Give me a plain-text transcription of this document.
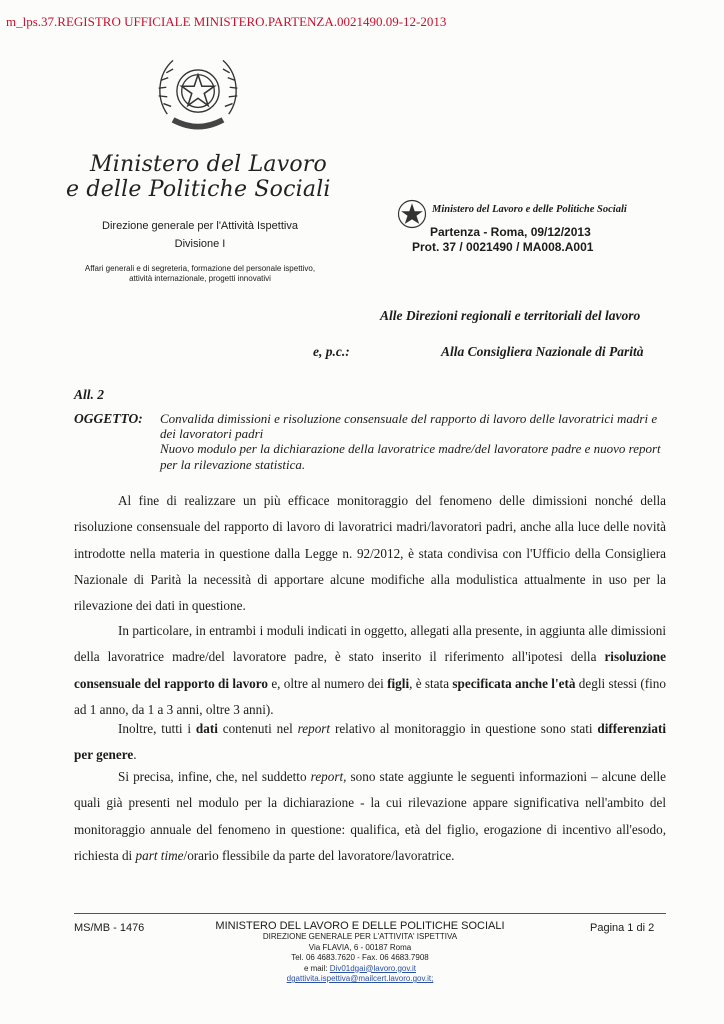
m_lps.37.REGISTRO UFFICIALE MINISTERO.PARTENZA.0021490.09-12-2013
Ministero del Lavoro
e delle Politiche Sociali
Direzione generale per l'Attività Ispettiva
Divisione I
Affari generali e di segreteria, formazione del personale ispettivo, attività internazionale, progetti innovativi
Ministero del Lavoro e delle Politiche Sociali
Partenza - Roma, 09/12/2013
Prot. 37 / 0021490 / MA008.A001
Alle Direzioni regionali e territoriali del lavoro
e, p.c.:	Alla Consigliera Nazionale di Parità
All. 2
OGGETTO: Convalida dimissioni e risoluzione consensuale del rapporto di lavoro delle lavoratrici madri e dei lavoratori padri
Nuovo modulo per la dichiarazione della lavoratrice madre/del lavoratore padre e nuovo report per la rilevazione statistica.

Al fine di realizzare un più efficace monitoraggio del fenomeno delle dimissioni nonché della risoluzione consensuale del rapporto di lavoro di lavoratrici madri/lavoratori padri, anche alla luce delle novità introdotte nella materia in questione dalla Legge n. 92/2012, è stata condivisa con l'Ufficio della Consigliera Nazionale di Parità la necessità di apportare alcune modifiche alla modulistica attualmente in uso per la rilevazione dei dati in questione.

In particolare, in entrambi i moduli indicati in oggetto, allegati alla presente, in aggiunta alle dimissioni della lavoratrice madre/del lavoratore padre, è stato inserito il riferimento all'ipotesi della risoluzione consensuale del rapporto di lavoro e, oltre al numero dei figli, è stata specificata anche l'età degli stessi (fino ad 1 anno, da 1 a 3 anni, oltre 3 anni).

Inoltre, tutti i dati contenuti nel report relativo al monitoraggio in questione sono stati differenziati per genere.

Si precisa, infine, che, nel suddetto report, sono state aggiunte le seguenti informazioni – alcune delle quali già presenti nel modulo per la dichiarazione - la cui rilevazione appare significativa nell'ambito del monitoraggio annuale del fenomeno in questione: qualifica, età del figlio, erogazione di incentivo all'esodo, richiesta di part time/orario flessibile da parte del lavoratore/lavoratrice.

MS/MB - 1476	MINISTERO DEL LAVORO E DELLE POLITICHE SOCIALI
DIREZIONE GENERALE PER L'ATTIVITA' ISPETTIVA
Via FLAVIA, 6 - 00187 Roma
Tel. 06 4683.7620 - Fax. 06 4683.7908
e mail: Div01dgai@lavoro.gov.it
dgattivita.ispettiva@mailcert.lavoro.gov.it;
Pagina 1 di 2
